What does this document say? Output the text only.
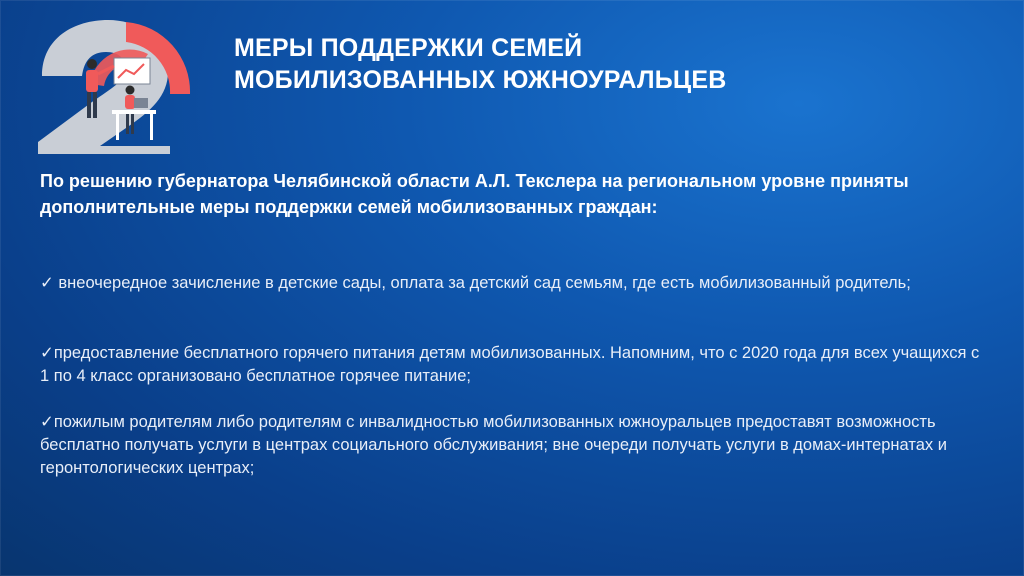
МЕРЫ ПОДДЕРЖКИ СЕМЕЙ
МОБИЛИЗОВАННЫХ ЮЖНОУРАЛЬЦЕВ
По решению губернатора Челябинской области А.Л. Текслера на региональном уровне приняты дополнительные меры поддержки семей мобилизованных граждан:
✓ внеочередное зачисление в детские сады, оплата за детский сад семьям, где есть мобилизованный родитель;
✓предоставление бесплатного горячего питания детям мобилизованных. Напомним, что с 2020 года для всех учащихся с 1 по 4 класс организовано бесплатное горячее питание;
✓пожилым родителям либо родителям с инвалидностью мобилизованных южноуральцев предоставят возможность бесплатно получать услуги в центрах социального обслуживания; вне очереди получать услуги в домах-интернатах и геронтологических центрах;
